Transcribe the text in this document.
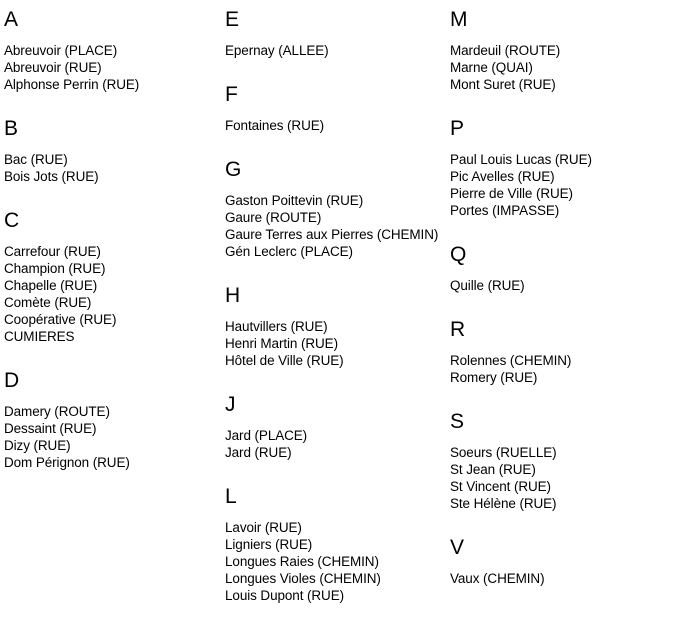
A
Abreuvoir (PLACE)
Abreuvoir (RUE)
Alphonse Perrin (RUE)
B
Bac (RUE)
Bois Jots (RUE)
C
Carrefour (RUE)
Champion (RUE)
Chapelle (RUE)
Comète (RUE)
Coopérative (RUE)
CUMIERES
D
Damery (ROUTE)
Dessaint (RUE)
Dizy (RUE)
Dom Pérignon (RUE)
E
Epernay (ALLEE)
F
Fontaines (RUE)
G
Gaston Poittevin (RUE)
Gaure (ROUTE)
Gaure Terres aux Pierres (CHEMIN)
Gén Leclerc (PLACE)
H
Hautvillers (RUE)
Henri Martin (RUE)
Hôtel de Ville (RUE)
J
Jard (PLACE)
Jard (RUE)
L
Lavoir (RUE)
Ligniers (RUE)
Longues Raies (CHEMIN)
Longues Violes (CHEMIN)
Louis Dupont (RUE)
M
Mardeuil (ROUTE)
Marne (QUAI)
Mont Suret (RUE)
P
Paul Louis Lucas (RUE)
Pic Avelles (RUE)
Pierre de Ville (RUE)
Portes (IMPASSE)
Q
Quille (RUE)
R
Rolennes (CHEMIN)
Romery (RUE)
S
Soeurs (RUELLE)
St Jean (RUE)
St Vincent (RUE)
Ste Hélène (RUE)
V
Vaux (CHEMIN)
